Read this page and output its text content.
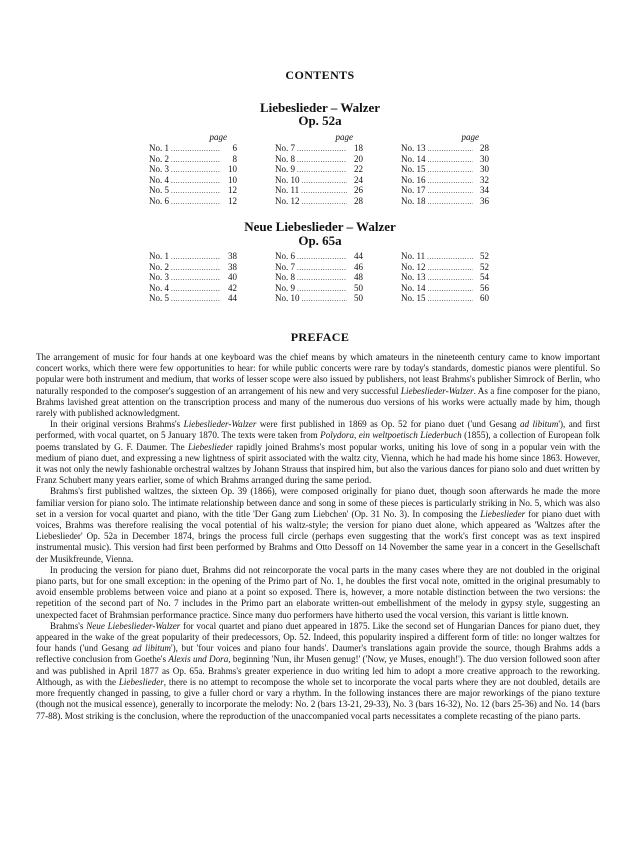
CONTENTS
Liebeslieder – Walzer
Op. 52a
page
No. 1 .....	6
No. 2 .....	8
No. 3 .....	10
No. 4 .....	10
No. 5 .....	12
No. 6 .....	12
page
No. 7 .....	18
No. 8 .....	20
No. 9 .....	22
No. 10 .....	24
No. 11 .....	26
No. 12 .....	28
page
No. 13 .....	28
No. 14 .....	30
No. 15 .....	30
No. 16 .....	32
No. 17 .....	34
No. 18 .....	36
Neue Liebeslieder – Walzer
Op. 65a
No. 1 .....	38
No. 2 .....	38
No. 3 .....	40
No. 4 .....	42
No. 5 .....	44
No. 6 .....	44
No. 7 .....	46
No. 8 .....	48
No. 9 .....	50
No. 10 .....	50
No. 11 .....	52
No. 12 .....	52
No. 13 .....	54
No. 14 .....	56
No. 15 .....	60
PREFACE

The arrangement of music for four hands at one keyboard was the chief means by which amateurs in the nineteenth century came to know important concert works, which there were few opportunities to hear: for while public concerts were rare by today's standards, domestic pianos were plentiful. So popular were both instrument and medium, that works of lesser scope were also issued by publishers, not least Brahms's publisher Simrock of Berlin, who naturally responded to the composer's suggestion of an arrangement of his new and very successful Liebeslieder-Walzer. As a fine composer for the piano, Brahms lavished great attention on the transcription process and many of the numerous duo versions of his works were actually made by him, though rarely with published acknowledgment.

In their original versions Brahms's Liebeslieder-Walzer were first published in 1869 as Op. 52 for piano duet ('und Gesang ad libitum'), and first performed, with vocal quartet, on 5 January 1870. The texts were taken from Polydora, ein weltpoetisch Liederbuch (1855), a collection of European folk poems translated by G. F. Daumer. The Liebeslieder rapidly joined Brahms's most popular works, uniting his love of song in a popular vein with the medium of piano duet, and expressing a new lightness of spirit associated with the waltz city, Vienna, which he had made his home since 1863. However, it was not only the newly fashionable orchestral waltzes by Johann Strauss that inspired him, but also the various dances for piano solo and duet written by Franz Schubert many years earlier, some of which Brahms arranged during the same period.

Brahms's first published waltzes, the sixteen Op. 39 (1866), were composed originally for piano duet, though soon afterwards he made the more familiar version for piano solo. The intimate relationship between dance and song in some of these pieces is particularly striking in No. 5, which was also set in a version for vocal quartet and piano, with the title 'Der Gang zum Liebchen' (Op. 31 No. 3). In composing the Liebeslieder for piano duet with voices, Brahms was therefore realising the vocal potential of his waltz-style; the version for piano duet alone, which appeared as 'Waltzes after the Liebeslieder' Op. 52a in December 1874, brings the process full circle (perhaps even suggesting that the work's first concept was as text inspired instrumental music). This version had first been performed by Brahms and Otto Dessoff on 14 November the same year in a concert in the Gesellschaft der Musikfreunde, Vienna.

In producing the version for piano duet, Brahms did not reincorporate the vocal parts in the many cases where they are not doubled in the original piano parts, but for one small exception: in the opening of the Primo part of No. 1, he doubles the first vocal note, omitted in the original presumably to avoid ensemble problems between voice and piano at a point so exposed. There is, however, a more notable distinction between the two versions: the repetition of the second part of No. 7 includes in the Primo part an elaborate written-out embellishment of the melody in gypsy style, suggesting an unexpected facet of Brahmsian performance practice. Since many duo performers have hitherto used the vocal version, this variant is little known.

Brahms's Neue Liebeslieder-Walzer for vocal quartet and piano duet appeared in 1875. Like the second set of Hungarian Dances for piano duet, they appeared in the wake of the great popularity of their predecessors, Op. 52. Indeed, this popularity inspired a different form of title: no longer waltzes for four hands ('und Gesang ad libitum'), but 'four voices and piano four hands'. Daumer's translations again provide the source, though Brahms adds a reflective conclusion from Goethe's Alexis und Dora, beginning 'Nun, ihr Musen genug!' ('Now, ye Muses, enough!'). The duo version followed soon after and was published in April 1877 as Op. 65a. Brahms's greater experience in duo writing led him to adopt a more creative approach to the reworking. Although, as with the Liebeslieder, there is no attempt to recompose the whole set to incorporate the vocal parts where they are not doubled, details are more frequently changed in passing, to give a fuller chord or vary a rhythm. In the following instances there are major reworkings of the piano texture (though not the musical essence), generally to incorporate the melody: No. 2 (bars 13-21, 29-33), No. 3 (bars 16-32), No. 12 (bars 25-36) and No. 14 (bars 77-88). Most striking is the conclusion, where the reproduction of the unaccompanied vocal parts necessitates a complete recasting of the piano parts.
